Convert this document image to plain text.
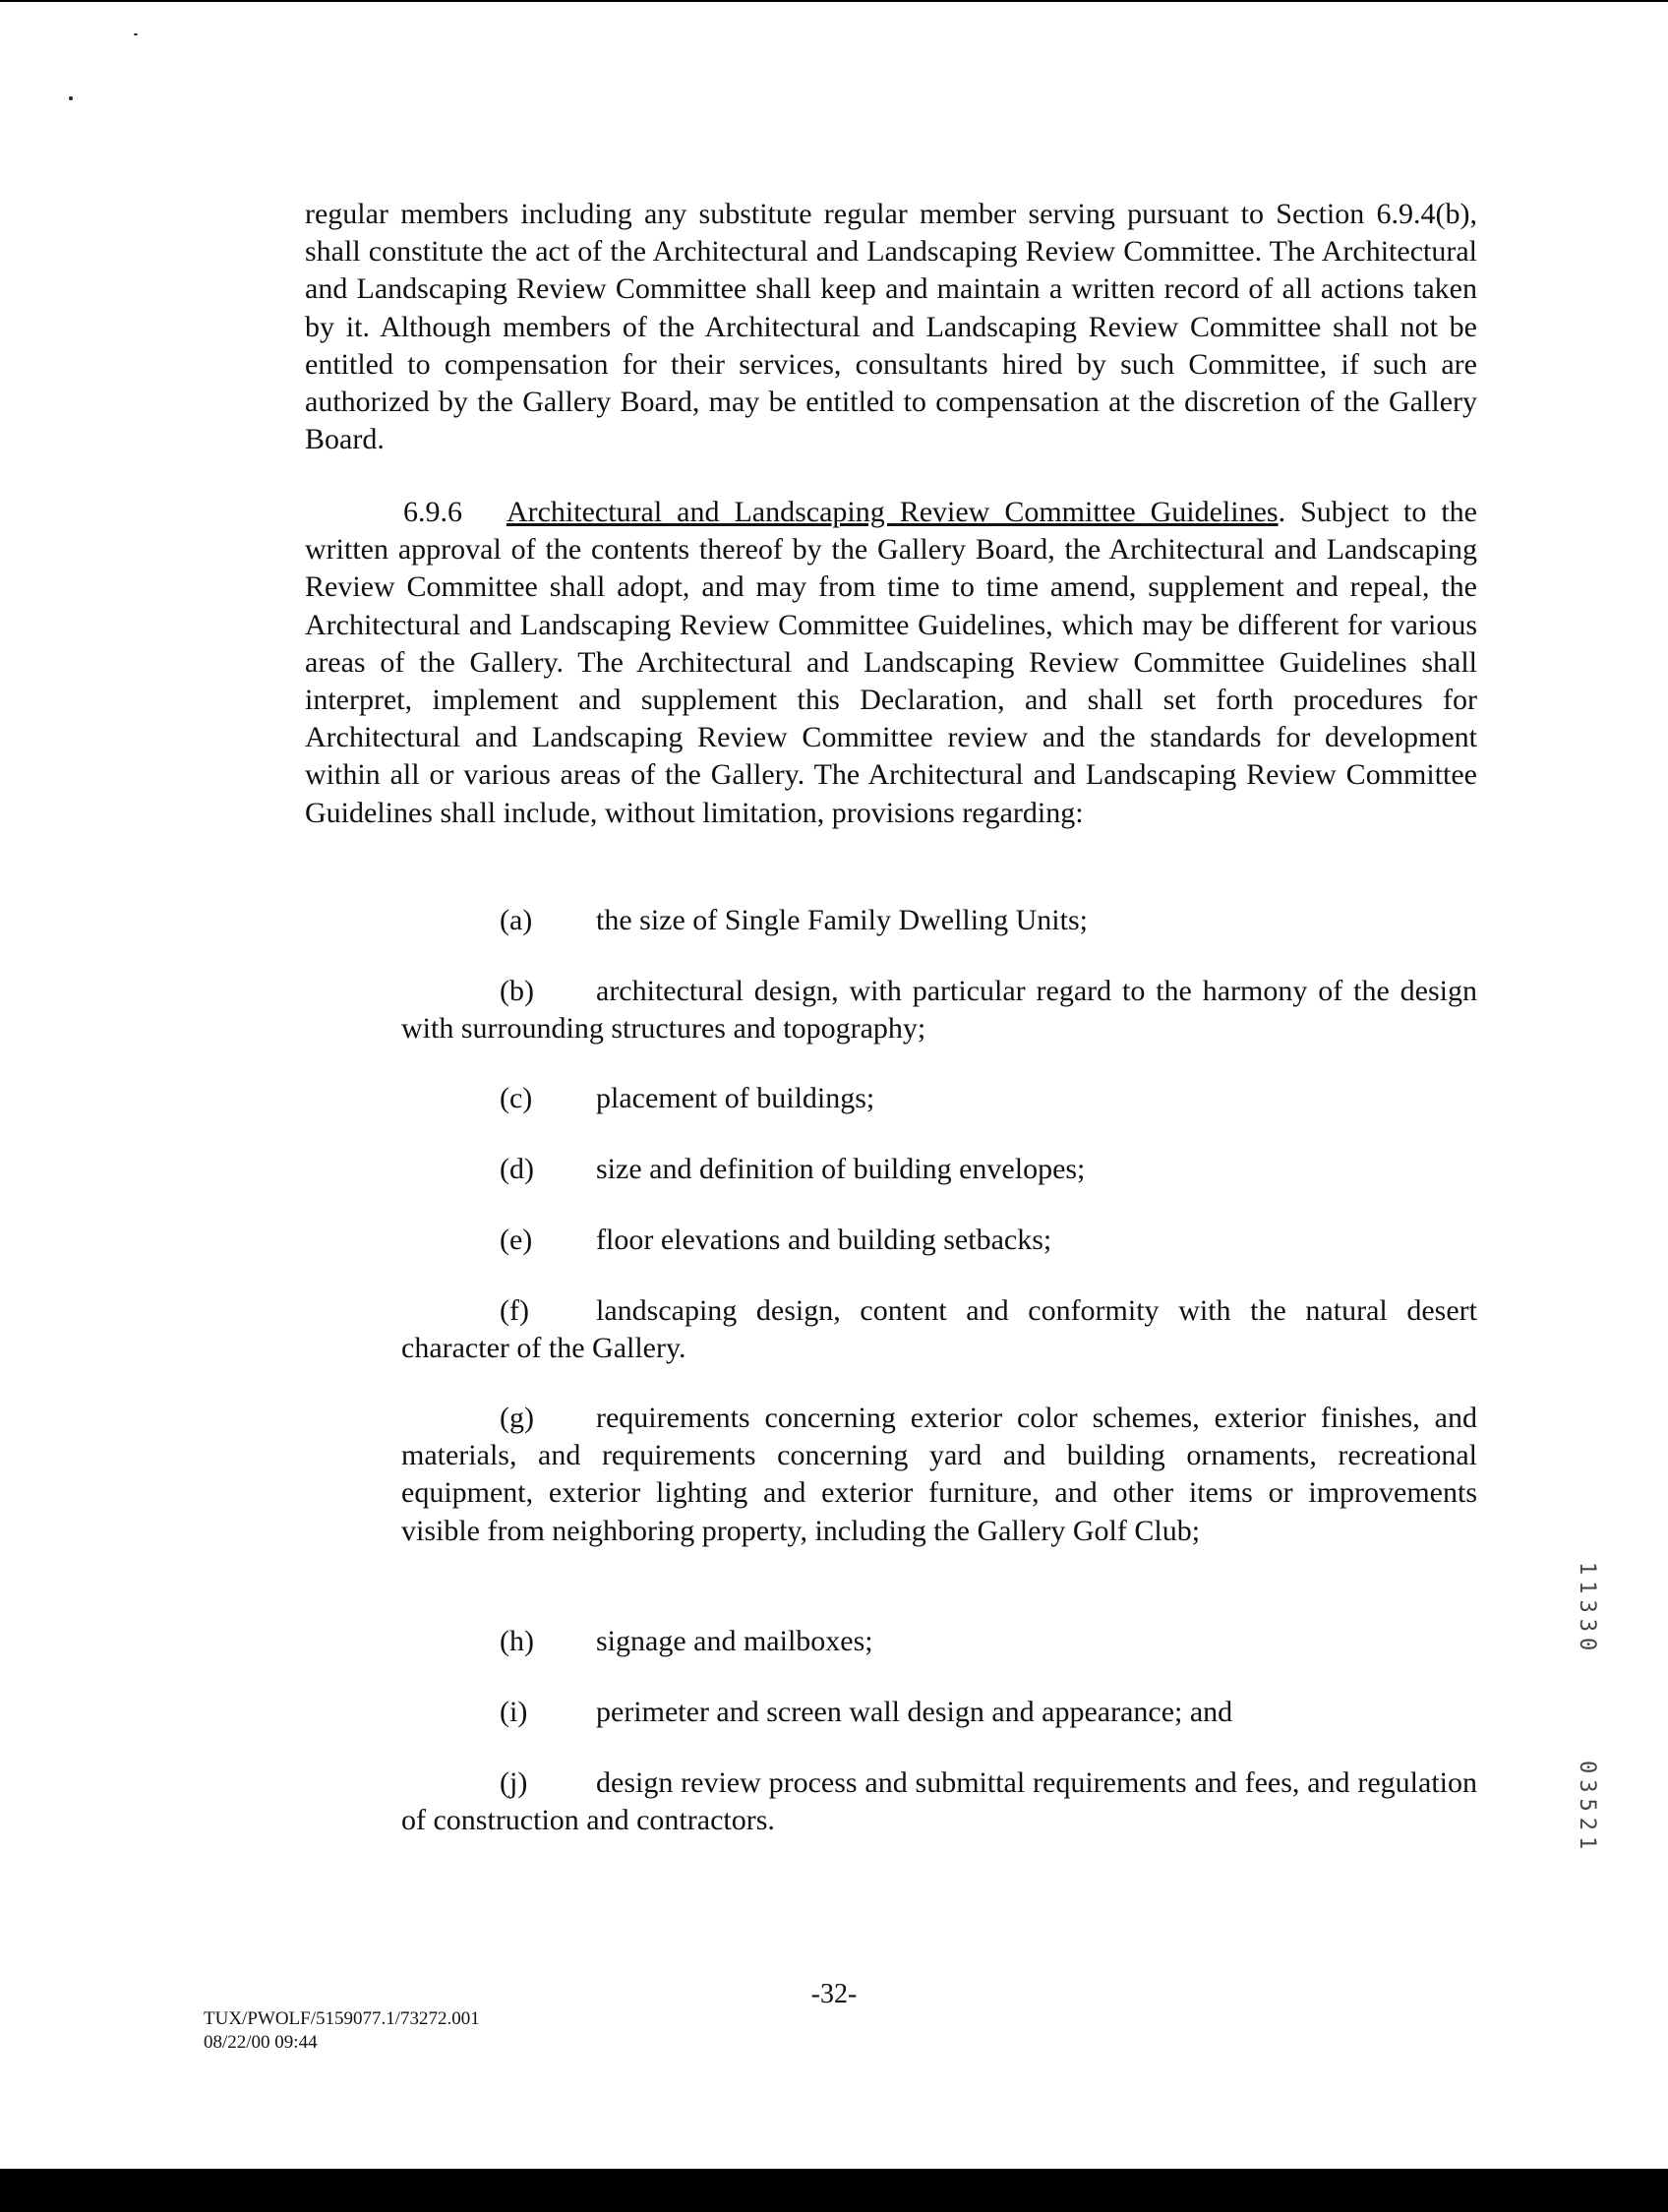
regular members including any substitute regular member serving pursuant to Section 6.9.4(b), shall constitute the act of the Architectural and Landscaping Review Committee. The Architectural and Landscaping Review Committee shall keep and maintain a written record of all actions taken by it. Although members of the Architectural and Landscaping Review Committee shall not be entitled to compensation for their services, consultants hired by such Committee, if such are authorized by the Gallery Board, may be entitled to compensation at the discretion of the Gallery Board.

6.9.6 Architectural and Landscaping Review Committee Guidelines. Subject to the written approval of the contents thereof by the Gallery Board, the Architectural and Landscaping Review Committee shall adopt, and may from time to time amend, supplement and repeal, the Architectural and Landscaping Review Committee Guidelines, which may be different for various areas of the Gallery. The Architectural and Landscaping Review Committee Guidelines shall interpret, implement and supplement this Declaration, and shall set forth procedures for Architectural and Landscaping Review Committee review and the standards for development within all or various areas of the Gallery. The Architectural and Landscaping Review Committee Guidelines shall include, without limitation, provisions regarding:

(a) the size of Single Family Dwelling Units;

(b) architectural design, with particular regard to the harmony of the design with surrounding structures and topography;

(c) placement of buildings;

(d) size and definition of building envelopes;

(e) floor elevations and building setbacks;

(f) landscaping design, content and conformity with the natural desert character of the Gallery.

(g) requirements concerning exterior color schemes, exterior finishes, and materials, and requirements concerning yard and building ornaments, recreational equipment, exterior lighting and exterior furniture, and other items or improvements visible from neighboring property, including the Gallery Golf Club;

(h) signage and mailboxes;

(i) perimeter and screen wall design and appearance; and

(j) design review process and submittal requirements and fees, and regulation of construction and contractors.

11330
03521
-32-
TUX/PWOLF/5159077.1/73272.001
08/22/00 09:44
